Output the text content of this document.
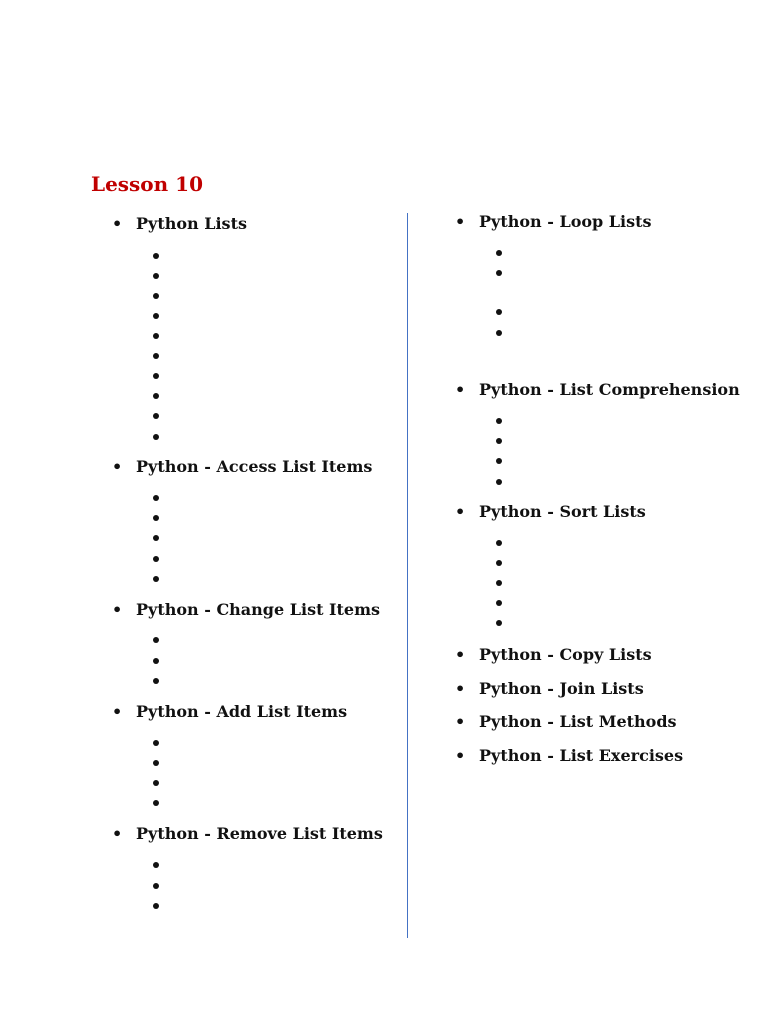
Lesson 10
• Python Lists
• Python - Access List Items
• Python - Change List Items
• Python - Add List Items
• Python - Remove List Items
• Python - Loop Lists
• Python - List Comprehension
• Python - Sort Lists
• Python - Copy Lists
• Python - Join Lists
• Python - List Methods
• Python - List Exercises
